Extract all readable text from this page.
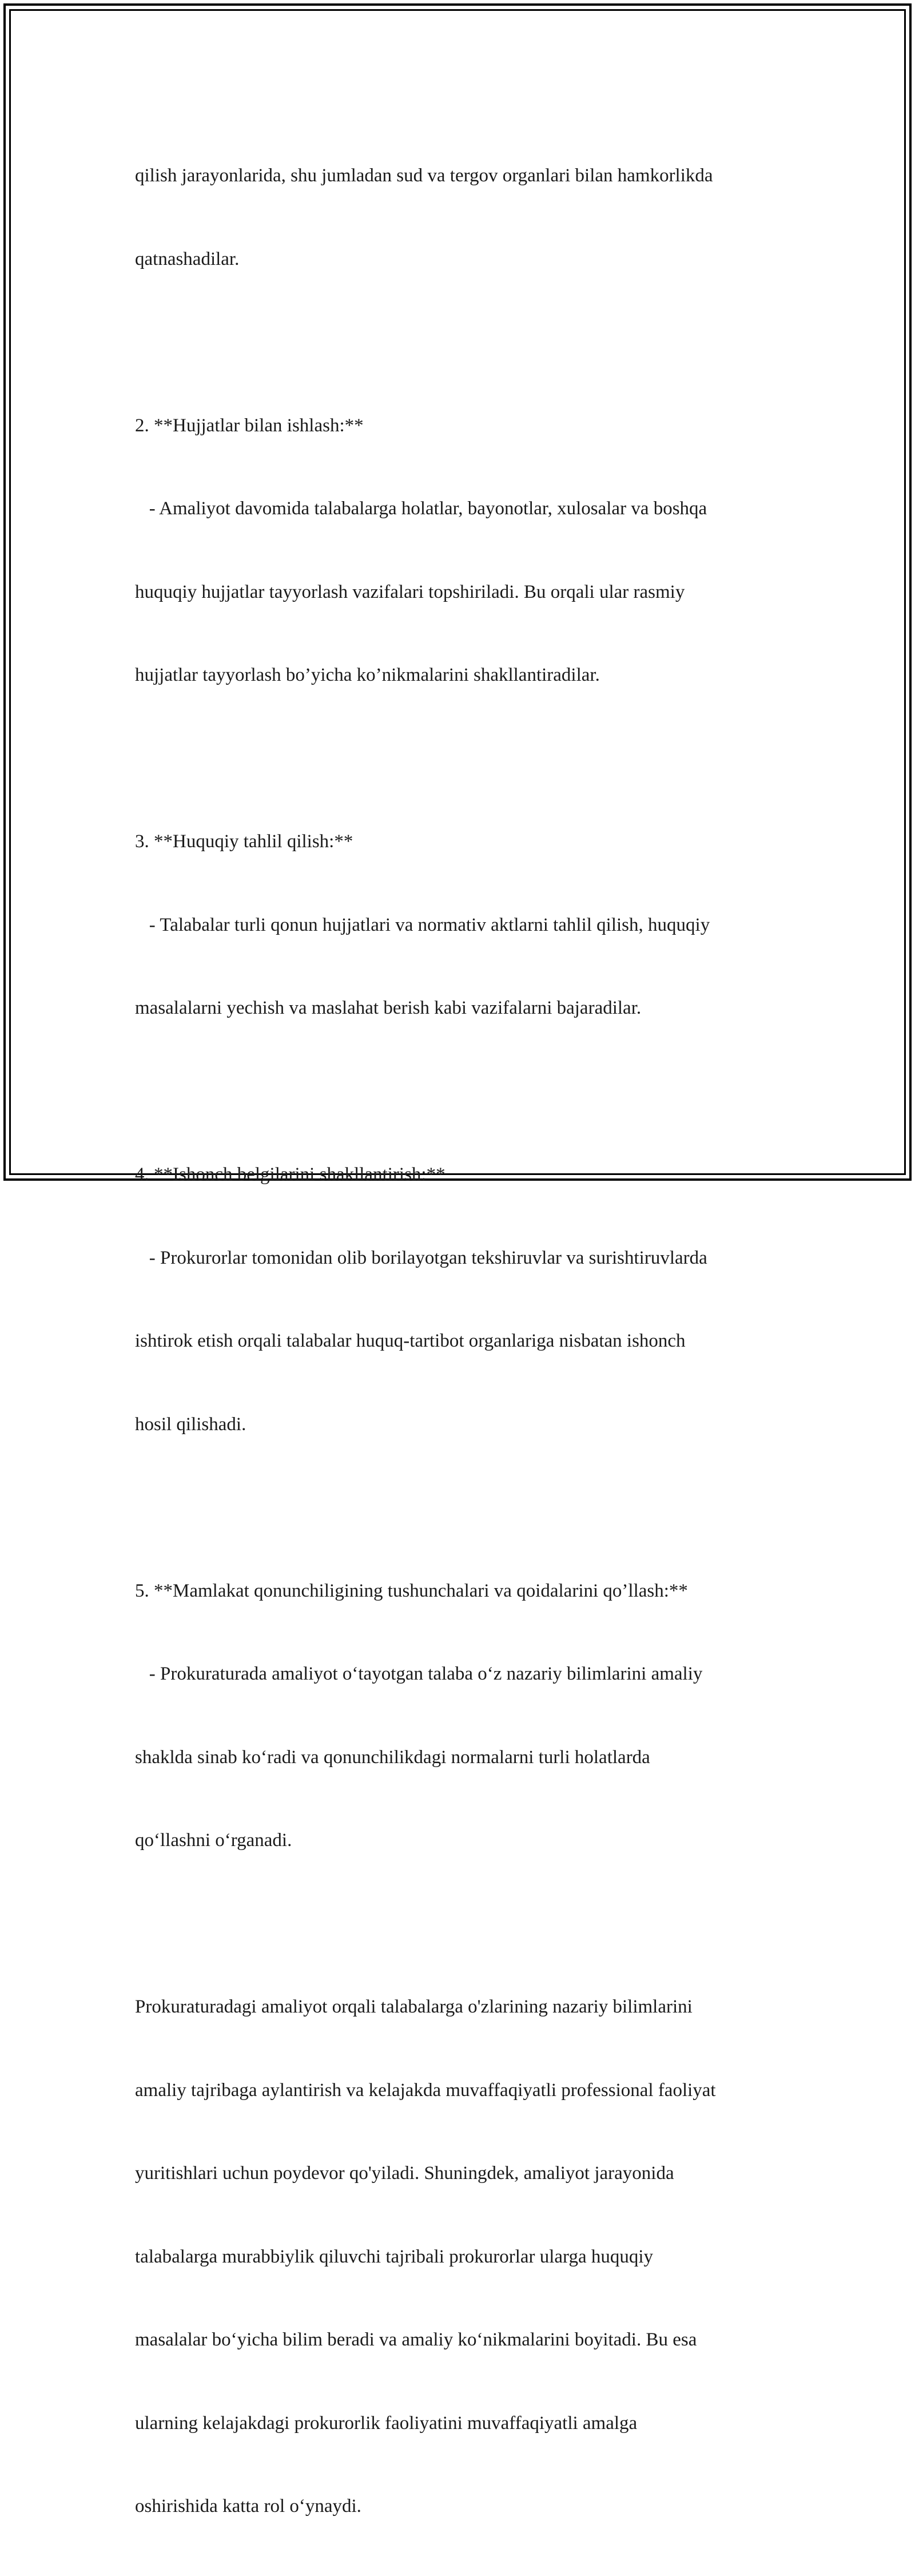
qilish jarayonlarida, shu jumladan sud va tergov organlari bilan hamkorlikda

qatnashadilar.

2. **Hujjatlar bilan ishlash:**

- Amaliyot davomida talabalarga holatlar, bayonotlar, xulosalar va boshqa

huquqiy hujjatlar tayyorlash vazifalari topshiriladi. Bu orqali ular rasmiy

hujjatlar tayyorlash bo’yicha ko’nikmalarini shakllantiradilar.

3. **Huquqiy tahlil qilish:**

- Talabalar turli qonun hujjatlari va normativ aktlarni tahlil qilish, huquqiy

masalalarni yechish va maslahat berish kabi vazifalarni bajaradilar.

4. **Ishonch belgilarini shakllantirish:**

- Prokurorlar tomonidan olib borilayotgan tekshiruvlar va surishtiruvlarda

ishtirok etish orqali talabalar huquq-tartibot organlariga nisbatan ishonch

hosil qilishadi.

5. **Mamlakat qonunchiligining tushunchalari va qoidalarini qo’llash:**

- Prokuraturada amaliyot o‘tayotgan talaba o‘z nazariy bilimlarini amaliy

shaklda sinab ko‘radi va qonunchilikdagi normalarni turli holatlarda

qo‘llashni o‘rganadi.

Prokuraturadagi amaliyot orqali talabalarga o'zlarining nazariy bilimlarini

amaliy tajribaga aylantirish va kelajakda muvaffaqiyatli professional faoliyat

yuritishlari uchun poydevor qo'yiladi. Shuningdek, amaliyot jarayonida

talabalarga murabbiylik qiluvchi tajribali prokurorlar ularga huquqiy

masalalar bo‘yicha bilim beradi va amaliy ko‘nikmalarini boyitadi. Bu esa

ularning kelajakdagi prokurorlik faoliyatini muvaffaqiyatli amalga

oshirishida katta rol o‘ynaydi.
